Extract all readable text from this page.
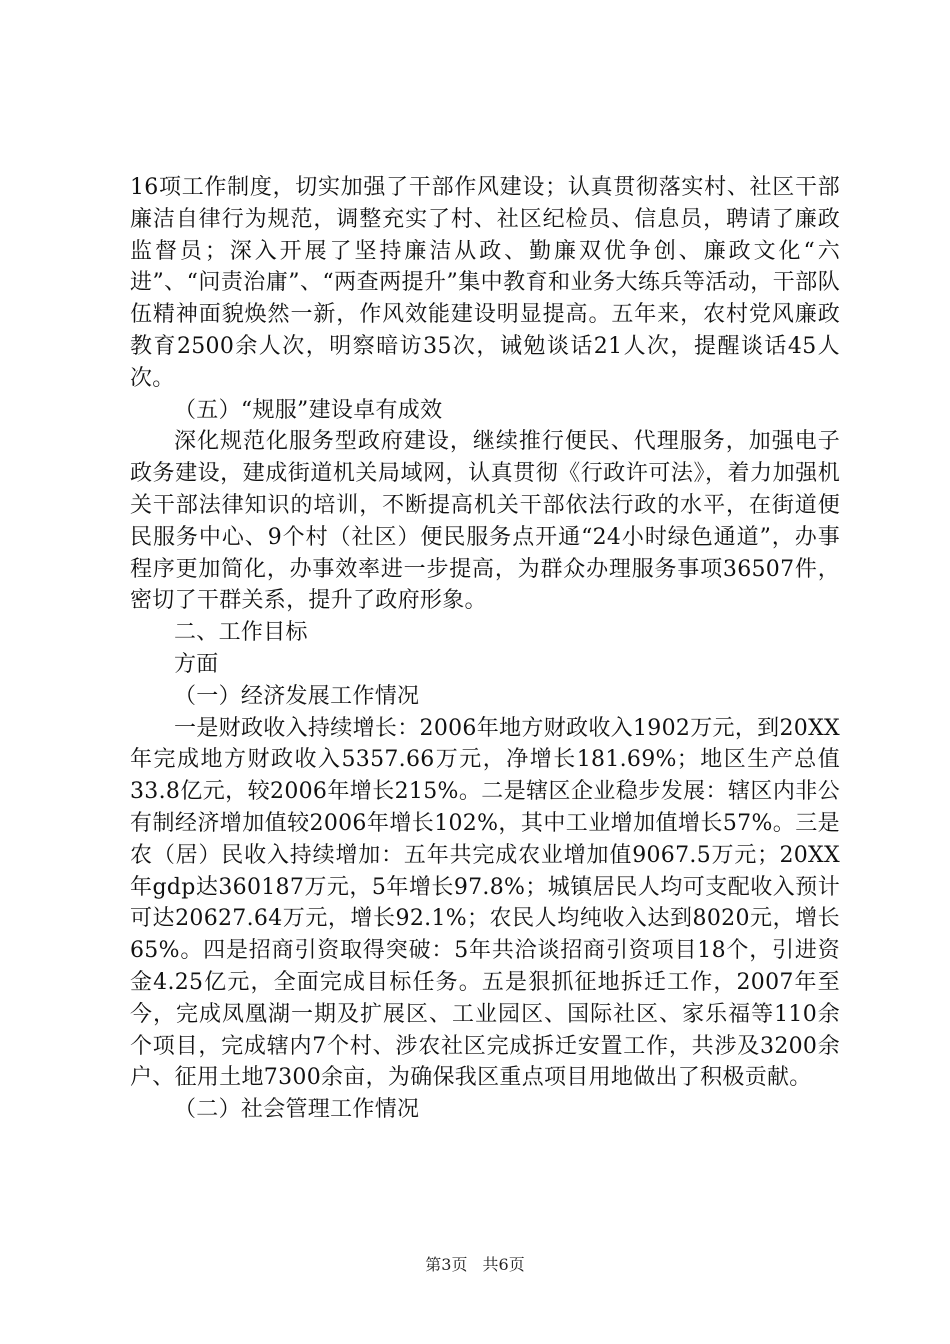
16项工作制度，切实加强了干部作风建设；认真贯彻落实村、社区干部廉洁自律行为规范，调整充实了村、社区纪检员、信息员，聘请了廉政监督员；深入开展了坚持廉洁从政、勤廉双优争创、廉政文化“六进”、“问责治庸”、“两查两提升”集中教育和业务大练兵等活动，干部队伍精神面貌焕然一新，作风效能建设明显提高。五年来，农村党风廉政教育2500余人次，明察暗访35次，诫勉谈话21人次，提醒谈话45人次。

（五）“规服”建设卓有成效

深化规范化服务型政府建设，继续推行便民、代理服务，加强电子政务建设，建成街道机关局域网，认真贯彻《行政许可法》，着力加强机关干部法律知识的培训，不断提高机关干部依法行政的水平，在街道便民服务中心、9个村（社区）便民服务点开通“24小时绿色通道”，办事程序更加简化，办事效率进一步提高，为群众办理服务事项36507件，密切了干群关系，提升了政府形象。

二、工作目标

方面

（一）经济发展工作情况

一是财政收入持续增长：2006年地方财政收入1902万元，到20XX年完成地方财政收入5357.66万元，净增长181.69%；地区生产总值33.8亿元，较2006年增长215%。二是辖区企业稳步发展：辖区内非公有制经济增加值较2006年增长102%，其中工业增加值增长57%。三是农（居）民收入持续增加：五年共完成农业增加值9067.5万元；20XX年gdp达360187万元，5年增长97.8%；城镇居民人均可支配收入预计可达20627.64万元，增长92.1%；农民人均纯收入达到8020元，增长65%。四是招商引资取得突破：5年共洽谈招商引资项目18个，引进资金4.25亿元，全面完成目标任务。五是狠抓征地拆迁工作，2007年至今，完成凤凰湖一期及扩展区、工业园区、国际社区、家乐福等110余个项目，完成辖内7个村、涉农社区完成拆迁安置工作，共涉及3200余户、征用土地7300余亩，为确保我区重点项目用地做出了积极贡献。

（二）社会管理工作情况

第3页 共6页
